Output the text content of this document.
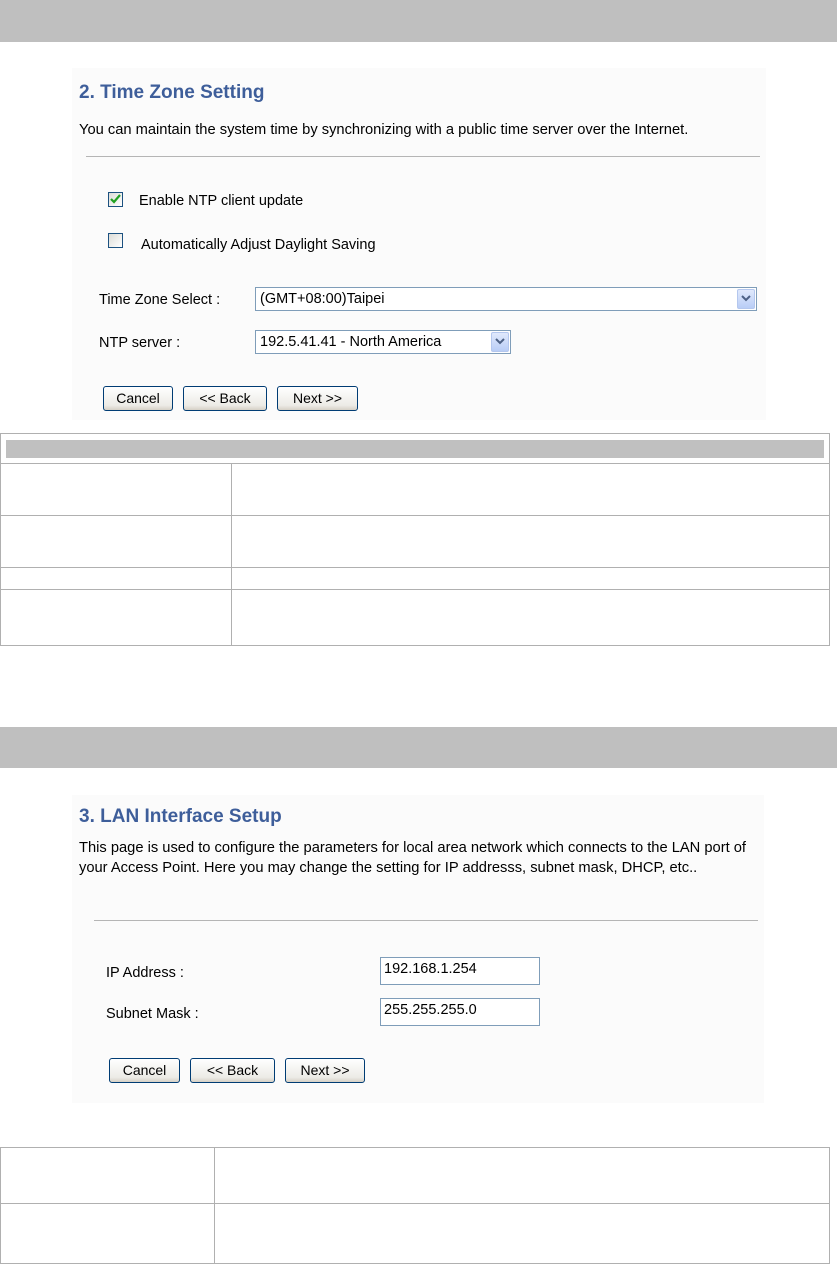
2. Time Zone Setting
You can maintain the system time by synchronizing with a public time server over the Internet.
Enable NTP client update
Automatically Adjust Daylight Saving
Time Zone Select :	(GMT+08:00)Taipei
NTP server :	192.5.41.41 - North America
Cancel	<< Back	Next >>

3. LAN Interface Setup
This page is used to configure the parameters for local area network which connects to the LAN port of your Access Point. Here you may change the setting for IP addresss, subnet mask, DHCP, etc..
IP Address :	192.168.1.254
Subnet Mask :	255.255.255.0
Cancel	<< Back	Next >>
